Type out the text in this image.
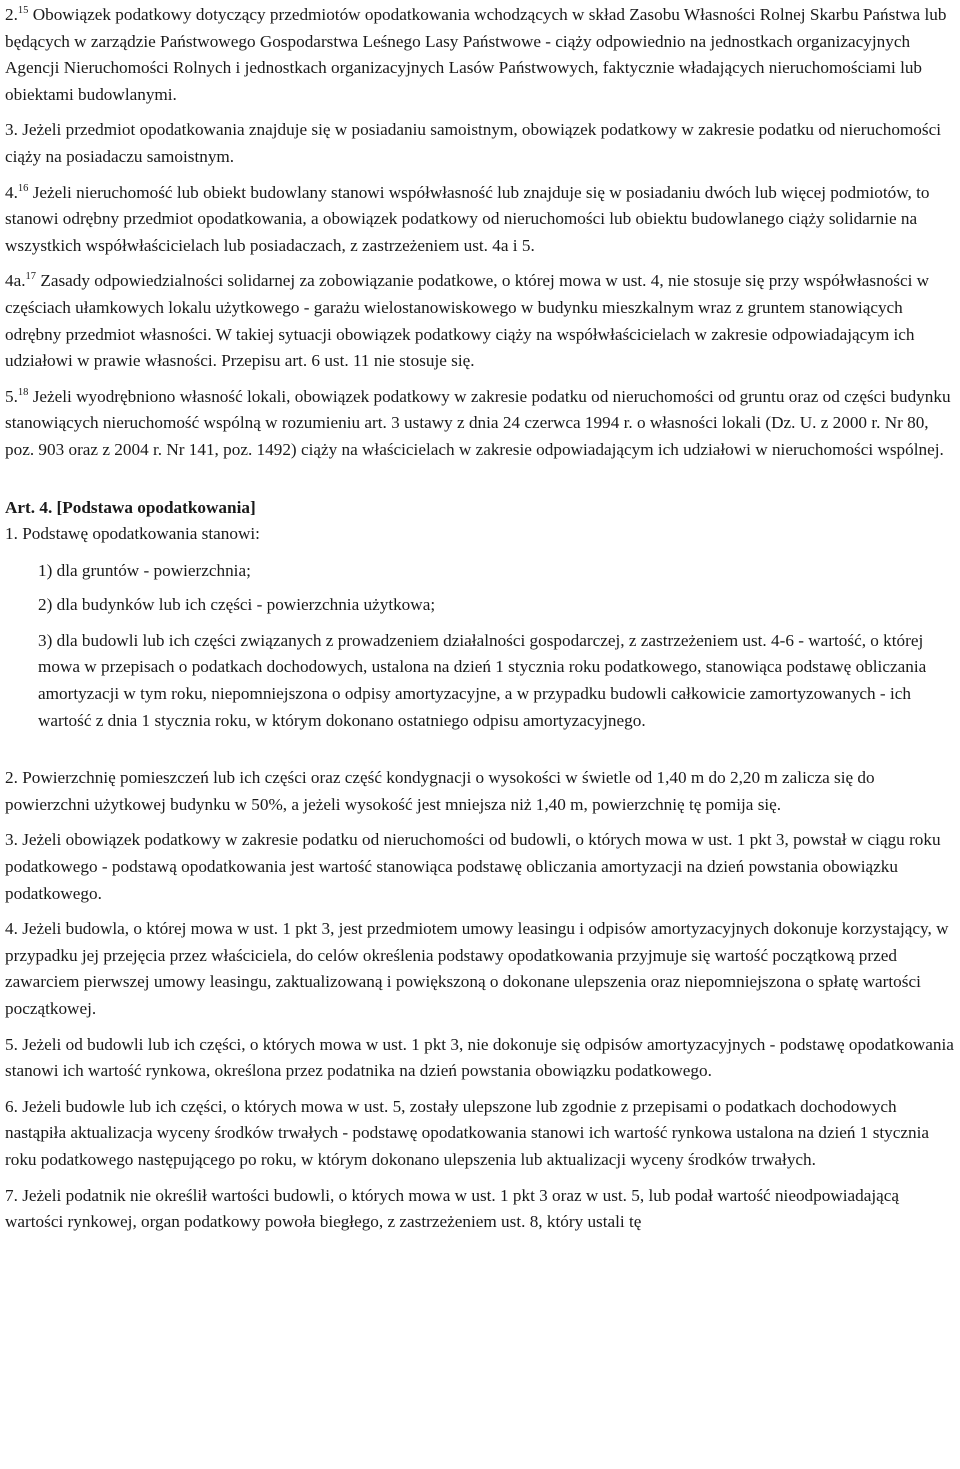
2.15 Obowiązek podatkowy dotyczący przedmiotów opodatkowania wchodzących w skład Zasobu Własności Rolnej Skarbu Państwa lub będących w zarządzie Państwowego Gospodarstwa Leśnego Lasy Państwowe - ciąży odpowiednio na jednostkach organizacyjnych Agencji Nieruchomości Rolnych i jednostkach organizacyjnych Lasów Państwowych, faktycznie władających nieruchomościami lub obiektami budowlanymi.

3. Jeżeli przedmiot opodatkowania znajduje się w posiadaniu samoistnym, obowiązek podatkowy w zakresie podatku od nieruchomości ciąży na posiadaczu samoistnym.

4.16 Jeżeli nieruchomość lub obiekt budowlany stanowi współwłasność lub znajduje się w posiadaniu dwóch lub więcej podmiotów, to stanowi odrębny przedmiot opodatkowania, a obowiązek podatkowy od nieruchomości lub obiektu budowlanego ciąży solidarnie na wszystkich współwłaścicielach lub posiadaczach, z zastrzeżeniem ust. 4a i 5.

4a.$^{17}$ Zasady odpowiedzialności solidarnej za zobowiązanie podatkowe, o której mowa w ust. 4, nie stosuje się przy współwłasności w częściach ułamkowych lokalu użytkowego - garażu wielostanowiskowego w budynku mieszkalnym wraz z gruntem stanowiących odrębny przedmiot własności. W takiej sytuacji obowiązek podatkowy ciąży na współwłaścicielach w zakresie odpowiadającym ich udziałowi w prawie własności. Przepisu art. 6 ust. 11 nie stosuje się.

5.18 Jeżeli wyodrębniono własność lokali, obowiązek podatkowy w zakresie podatku od nieruchomości od gruntu oraz od części budynku stanowiących nieruchomość wspólną w rozumieniu art. 3 ustawy z dnia 24 czerwca 1994 r. o własności lokali (Dz. U. z 2000 r. Nr 80, poz. 903 oraz z 2004 r. Nr 141, poz. 1492) ciąży na właścicielach w zakresie odpowiadającym ich udziałowi w nieruchomości wspólnej.

Art. 4. [Podstawa opodatkowania]

1. Podstawę opodatkowania stanowi:

1) dla gruntów - powierzchnia;

2) dla budynków lub ich części - powierzchnia użytkowa;

3) dla budowli lub ich części związanych z prowadzeniem działalności gospodarczej, z zastrzeżeniem ust. 4-6 - wartość, o której mowa w przepisach o podatkach dochodowych, ustalona na dzień 1 stycznia roku podatkowego, stanowiąca podstawę obliczania amortyzacji w tym roku, niepomniejszona o odpisy amortyzacyjne, a w przypadku budowli całkowicie zamortyzowanych - ich wartość z dnia 1 stycznia roku, w którym dokonano ostatniego odpisu amortyzacyjnego.

2. Powierzchnię pomieszczeń lub ich części oraz część kondygnacji o wysokości w świetle od 1,40 m do 2,20 m zalicza się do powierzchni użytkowej budynku w 50%, a jeżeli wysokość jest mniejsza niż 1,40 m, powierzchnię tę pomija się.

3. Jeżeli obowiązek podatkowy w zakresie podatku od nieruchomości od budowli, o których mowa w ust. 1 pkt 3, powstał w ciągu roku podatkowego - podstawą opodatkowania jest wartość stanowiąca podstawę obliczania amortyzacji na dzień powstania obowiązku podatkowego.

4. Jeżeli budowla, o której mowa w ust. 1 pkt 3, jest przedmiotem umowy leasingu i odpisów amortyzacyjnych dokonuje korzystający, w przypadku jej przejęcia przez właściciela, do celów określenia podstawy opodatkowania przyjmuje się wartość początkową przed zawarciem pierwszej umowy leasingu, zaktualizowaną i powiększoną o dokonane ulepszenia oraz niepomniejszona o spłatę wartości początkowej.

5. Jeżeli od budowli lub ich części, o których mowa w ust. 1 pkt 3, nie dokonuje się odpisów amortyzacyjnych - podstawę opodatkowania stanowi ich wartość rynkowa, określona przez podatnika na dzień powstania obowiązku podatkowego.

6. Jeżeli budowle lub ich części, o których mowa w ust. 5, zostały ulepszone lub zgodnie z przepisami o podatkach dochodowych nastąpiła aktualizacja wyceny środków trwałych - podstawę opodatkowania stanowi ich wartość rynkowa ustalona na dzień 1 stycznia roku podatkowego następującego po roku, w którym dokonano ulepszenia lub aktualizacji wyceny środków trwałych.

7. Jeżeli podatnik nie określił wartości budowli, o których mowa w ust. 1 pkt 3 oraz w ust. 5, lub podał wartość nieodpowiadającą wartości rynkowej, organ podatkowy powoła biegłego, z zastrzeżeniem ust. 8, który ustali tę
